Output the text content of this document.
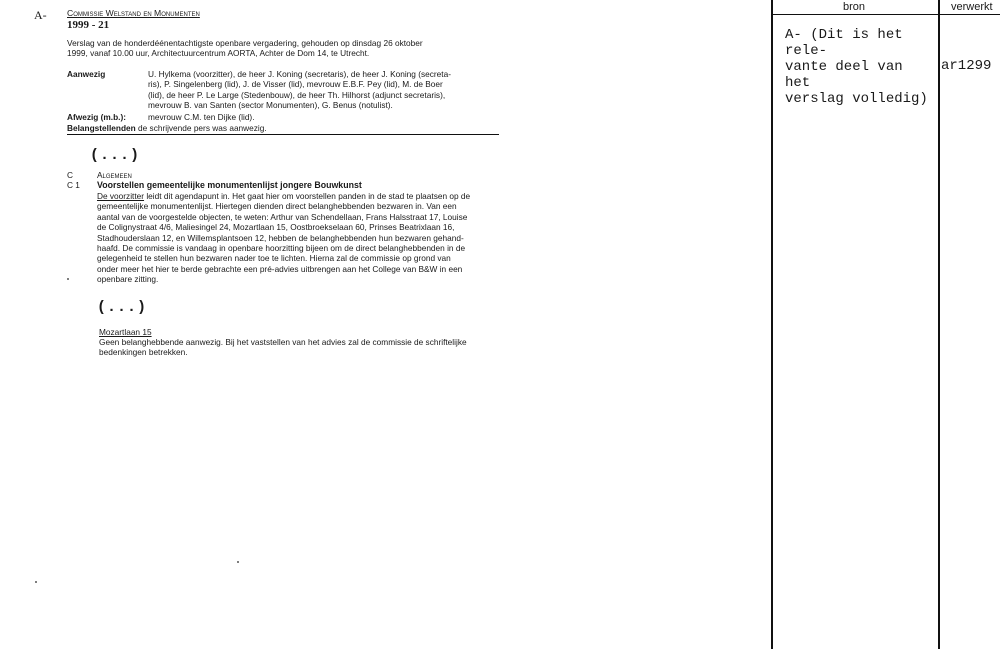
A- Commissie Welstand en Monumenten
1999 - 21
Verslag van de honderdéénentachtigste openbare vergadering, gehouden op dinsdag 26 oktober
1999, vanaf 10.00 uur, Architectuurcentrum AORTA, Achter de Dom 14, te Utrecht.
Aanwezig	U. Hylkema (voorzitter), de heer J. Koning (secretaris), de heer J. Koning (secreta-
ris), P. Singelenberg (lid), J. de Visser (lid), mevrouw E.B.F. Pey (lid), M. de Boer
(lid), de heer P. Le Large (Stedenbouw), de heer Th. Hilhorst (adjunct secretaris),
mevrouw B. van Santen (sector Monumenten), G. Benus (notulist).
Afwezig (m.b.):	mevrouw C.M. ten Dijke (lid).
Belangstellenden de schrijvende pers was aanwezig.
(...)
C	Algemeen
C 1 Voorstellen gemeentelijke monumentenlijst jongere Bouwkunst
De voorzitter leidt dit agendapunt in. Het gaat hier om voorstellen panden in de stad te plaatsen op de
gemeentelijke monumentenlijst. Hiertegen dienden direct belanghebbenden bezwaren in. Van een
aantal van de voorgestelde objecten, te weten: Arthur van Schendellaan, Frans Halsstraat 17, Louise
de Colignystraat 4/6, Maliesingel 24, Mozartlaan 15, Oostbroekselaan 60, Prinses Beatrixlaan 16,
Stadhouderslaan 12, en Willemsplantsoen 12, hebben de belanghebbenden hun bezwaren gehand-
haafd. De commissie is vandaag in openbare hoorzitting bijeen om de direct belanghebbenden in de
gelegenheid te stellen hun bezwaren nader toe te lichten. Hierna zal de commissie op grond van
onder meer het hier te berde gebrachte een pré-advies uitbrengen aan het College van B&W in een
openbare zitting.
(...)
Mozartlaan 15
Geen belanghebbende aanwezig. Bij het vaststellen van het advies zal de commissie de schriftelijke
bedenkingen betrekken.
bron	verwerkt
A- (Dit is het rele-
vante deel van het
verslag volledig)
ar1299
